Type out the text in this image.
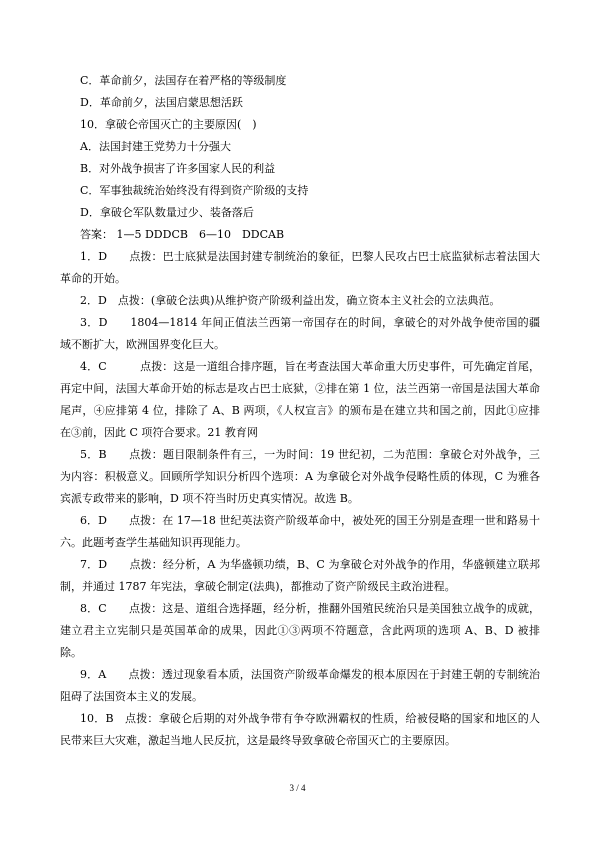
C．革命前夕，法国存在着严格的等级制度
D．革命前夕，法国启蒙思想活跃
10．拿破仑帝国灭亡的主要原因(　)
A．法国封建王党势力十分强大
B．对外战争损害了许多国家人民的利益
C．军事独裁统治始终没有得到资产阶级的支持
D．拿破仑军队数量过少、装备落后
答案： 1—5 DDDCB　6—10　DDCAB
1．D　　点拨：巴士底狱是法国封建专制统治的象征，巴黎人民攻占巴士底监狱标志着法国大革命的开始。
2．D　点拨：(拿破仑法典)从维护资产阶级利益出发，确立资本主义社会的立法典范。
3．D　　1804—1814 年间正值法兰西第一帝国存在的时间，拿破仑的对外战争使帝国的疆域不断扩大，欧洲国界变化巨大。
4．C　　　点拨：这是一道组合排序题，旨在考查法国大革命重大历史事件，可先确定首尾，再定中间，法国大革命开始的标志是攻占巴士底狱，②排在第 1 位，法兰西第一帝国是法国大革命尾声，④应排第 4 位，排除了 A、B 两项，《人权宣言》的颁布是在建立共和国之前，因此①应排在③前，因此 C 项符合要求。21 教育网
5．B　　点拨：题目限制条件有三，一为时间：19 世纪初，二为范围：拿破仑对外战争，三为内容：积极意义。回顾所学知识分析四个选项：A 为拿破仑对外战争侵略性质的体现，C 为雅各宾派专政带来的影响，D 项不符当时历史真实情况。故选 B。
6．D　　点拨：在 17—18 世纪英法资产阶级革命中，被处死的国王分别是查理一世和路易十六。此题考查学生基础知识再现能力。
7．D　　点拨：经分析，A 为华盛顿功绩，B、C 为拿破仑对外战争的作用，华盛顿建立联邦制，并通过 1787 年宪法，拿破仑制定(法典)，都推动了资产阶级民主政治进程。
8．C　　点拨：这是、道组合选择题，经分析，推翻外国殖民统治只是美国独立战争的成就，建立君主立宪制只是英国革命的成果，因此①③两项不符题意，含此两项的选项 A、B、D 被排除。
9．A　　点拨：透过现象看本质，法国资产阶级革命爆发的根本原因在于封建王朝的专制统治阻碍了法国资本主义的发展。
10．B　点拨：拿破仑后期的对外战争带有争夺欧洲霸权的性质，给被侵略的国家和地区的人民带来巨大灾难，激起当地人民反抗，这是最终导致拿破仑帝国灭亡的主要原因。
3 / 4
